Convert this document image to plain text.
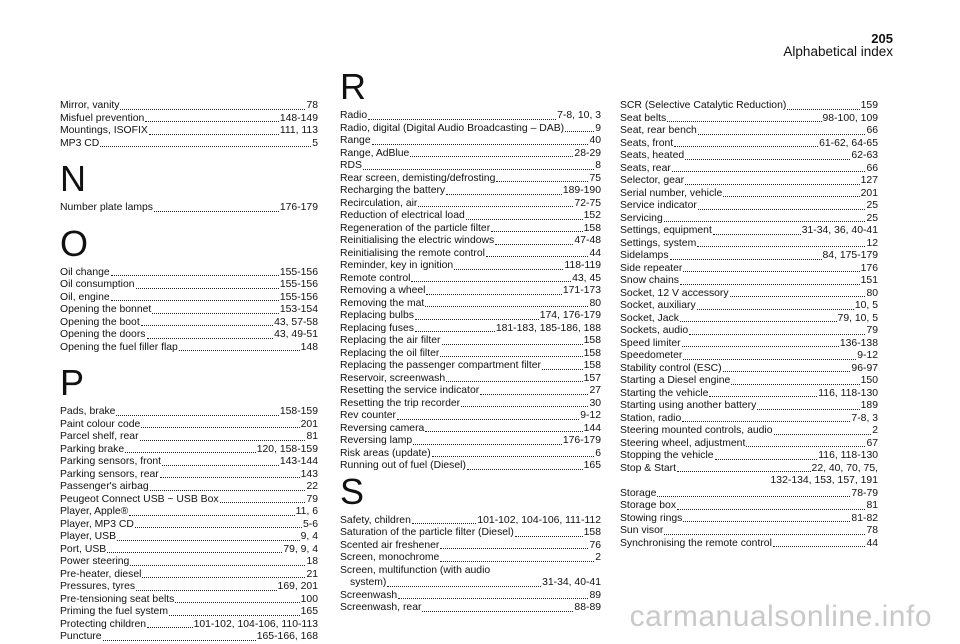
205
Alphabetical index
Mirror, vanity	78
Misfuel prevention	148-149
Mountings, ISOFIX	111, 113
MP3 CD	5
N
Number plate lamps	176-179
O
Oil change	155-156
Oil consumption	155-156
Oil, engine	155-156
Opening the bonnet	153-154
Opening the boot	43, 57-58
Opening the doors	43, 49-51
Opening the fuel filler flap	148
P
Pads, brake	158-159
Paint colour code	201
Parcel shelf, rear	81
Parking brake	120, 158-159
Parking sensors, front	143-144
Parking sensors, rear	143
Passenger's airbag	22
Peugeot Connect USB ~ USB Box	79
Player, Apple®	11, 6
Player, MP3 CD	5-6
Player, USB	9, 4
Port, USB	79, 9, 4
Power steering	18
Pre-heater, diesel	21
Pressures, tyres	169, 201
Pre-tensioning seat belts	100
Priming the fuel system	165
Protecting children	101-102, 104-106, 110-113
Puncture	165-166, 168
R
Radio	7-8, 10, 3
Radio, digital (Digital Audio Broadcasting – DAB)	9
Range	40
Range, AdBlue	28-29
RDS	8
Rear screen, demisting/defrosting	75
Recharging the battery	189-190
Recirculation, air	72-75
Reduction of electrical load	152
Regeneration of the particle filter	158
Reinitialising the electric windows	47-48
Reinitialising the remote control	44
Reminder, key in ignition	118-119
Remote control	43, 45
Removing a wheel	171-173
Removing the mat	80
Replacing bulbs	174, 176-179
Replacing fuses	181-183, 185-186, 188
Replacing the air filter	158
Replacing the oil filter	158
Replacing the passenger compartment filter	158
Reservoir, screenwash	157
Resetting the service indicator	27
Resetting the trip recorder	30
Rev counter	9-12
Reversing camera	144
Reversing lamp	176-179
Risk areas (update)	6
Running out of fuel (Diesel)	165
S
Safety, children	101-102, 104-106, 111-112
Saturation of the particle filter (Diesel)	158
Scented air freshener	76
Screen, monochrome	2
Screen, multifunction (with audio
system)	31-34, 40-41
Screenwash	89
Screenwash, rear	88-89
SCR (Selective Catalytic Reduction)	159
Seat belts	98-100, 109
Seat, rear bench	66
Seats, front	61-62, 64-65
Seats, heated	62-63
Seats, rear	66
Selector, gear	127
Serial number, vehicle	201
Service indicator	25
Servicing	25
Settings, equipment	31-34, 36, 40-41
Settings, system	12
Sidelamps	84, 175-179
Side repeater	176
Snow chains	151
Socket, 12 V accessory	80
Socket, auxiliary	10, 5
Socket, Jack	79, 10, 5
Sockets, audio	79
Speed limiter	136-138
Speedometer	9-12
Stability control (ESC)	96-97
Starting a Diesel engine	150
Starting the vehicle	116, 118-130
Starting using another battery	189
Station, radio	7-8, 3
Steering mounted controls, audio	2
Steering wheel, adjustment	67
Stopping the vehicle	116, 118-130
Stop & Start	22, 40, 70, 75,
132-134, 153, 157, 191
Storage	78-79
Storage box	81
Stowing rings	81-82
Sun visor	78
Synchronising the remote control	44
carmanualsonline.info
